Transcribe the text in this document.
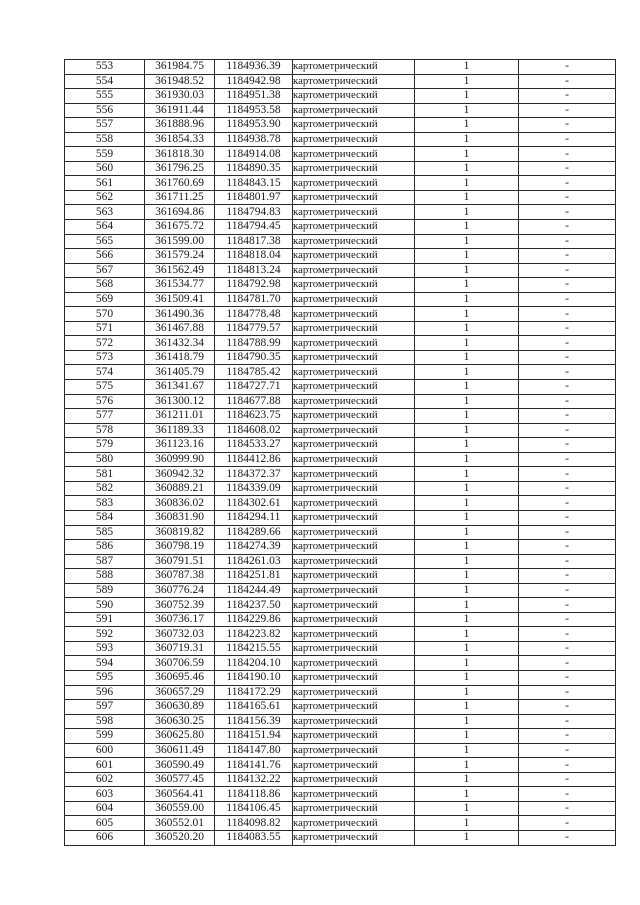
553	361984.75	1184936.39	картометрический	1	-
554	361948.52	1184942.98	картометрический	1	-
555	361930.03	1184951.38	картометрический	1	-
556	361911.44	1184953.58	картометрический	1	-
557	361888.96	1184953.90	картометрический	1	-
558	361854.33	1184938.78	картометрический	1	-
559	361818.30	1184914.08	картометрический	1	-
560	361796.25	1184890.35	картометрический	1	-
561	361760.69	1184843.15	картометрический	1	-
562	361711.25	1184801.97	картометрический	1	-
563	361694.86	1184794.83	картометрический	1	-
564	361675.72	1184794.45	картометрический	1	-
565	361599.00	1184817.38	картометрический	1	-
566	361579.24	1184818.04	картометрический	1	-
567	361562.49	1184813.24	картометрический	1	-
568	361534.77	1184792.98	картометрический	1	-
569	361509.41	1184781.70	картометрический	1	-
570	361490.36	1184778.48	картометрический	1	-
571	361467.88	1184779.57	картометрический	1	-
572	361432.34	1184788.99	картометрический	1	-
573	361418.79	1184790.35	картометрический	1	-
574	361405.79	1184785.42	картометрический	1	-
575	361341.67	1184727.71	картометрический	1	-
576	361300.12	1184677.88	картометрический	1	-
577	361211.01	1184623.75	картометрический	1	-
578	361189.33	1184608.02	картометрический	1	-
579	361123.16	1184533.27	картометрический	1	-
580	360999.90	1184412.86	картометрический	1	-
581	360942.32	1184372.37	картометрический	1	-
582	360889.21	1184339.09	картометрический	1	-
583	360836.02	1184302.61	картометрический	1	-
584	360831.90	1184294.11	картометрический	1	-
585	360819.82	1184289.66	картометрический	1	-
586	360798.19	1184274.39	картометрический	1	-
587	360791.51	1184261.03	картометрический	1	-
588	360787.38	1184251.81	картометрический	1	-
589	360776.24	1184244.49	картометрический	1	-
590	360752.39	1184237.50	картометрический	1	-
591	360736.17	1184229.86	картометрический	1	-
592	360732.03	1184223.82	картометрический	1	-
593	360719.31	1184215.55	картометрический	1	-
594	360706.59	1184204.10	картометрический	1	-
595	360695.46	1184190.10	картометрический	1	-
596	360657.29	1184172.29	картометрический	1	-
597	360630.89	1184165.61	картометрический	1	-
598	360630.25	1184156.39	картометрический	1	-
599	360625.80	1184151.94	картометрический	1	-
600	360611.49	1184147.80	картометрический	1	-
601	360590.49	1184141.76	картометрический	1	-
602	360577.45	1184132.22	картометрический	1	-
603	360564.41	1184118.86	картометрический	1	-
604	360559.00	1184106.45	картометрический	1	-
605	360552.01	1184098.82	картометрический	1	-
606	360520.20	1184083.55	картометрический	1	-
